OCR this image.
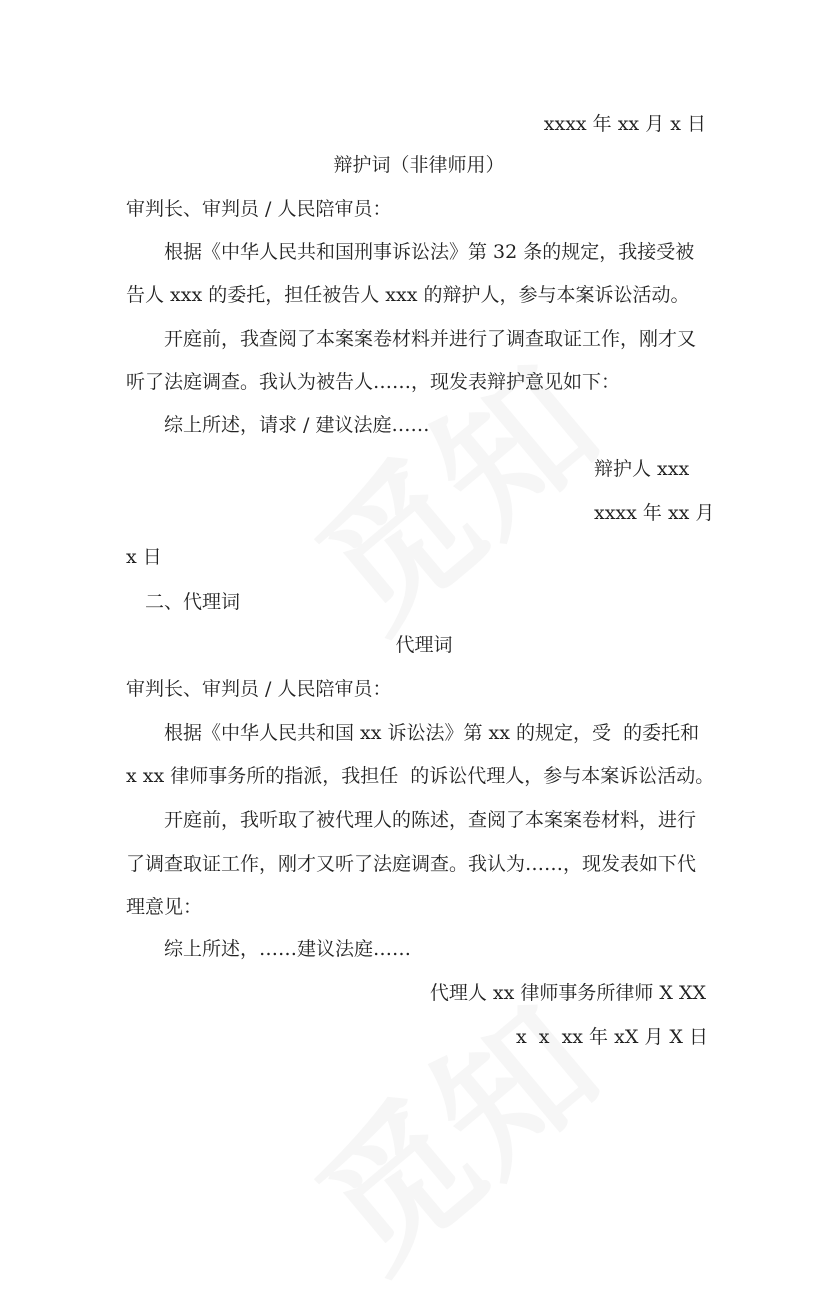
xxxx 年 xx 月 x 日
辩护词（非律师用）
审判长、审判员 / 人民陪审员：
根据《中华人民共和国刑事诉讼法》第 32 条的规定，我接受被
告人 xxx 的委托，担任被告人 xxx 的辩护人，参与本案诉讼活动。
开庭前，我查阅了本案案卷材料并进行了调查取证工作，刚才又
听了法庭调查。我认为被告人……，现发表辩护意见如下：
综上所述，请求 / 建议法庭……
辩护人 xxx
xxxx 年 xx 月
x 日
二、代理词
代理词
审判长、审判员 / 人民陪审员：
根据《中华人民共和国 xx 诉讼法》第 xx 的规定，受  的委托和
x xx 律师事务所的指派，我担任  的诉讼代理人，参与本案诉讼活动。
开庭前，我听取了被代理人的陈述，查阅了本案案卷材料，进行
了调查取证工作，刚才又听了法庭调查。我认为……，现发表如下代
理意见：
综上所述，……建议法庭……
代理人 xx 律师事务所律师 X XX
x  x  xx 年 xX 月 X 日
